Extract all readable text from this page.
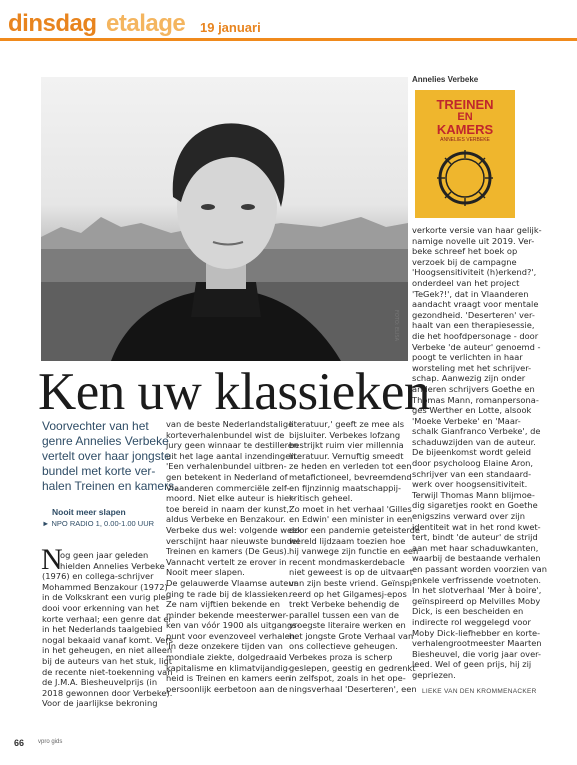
dinsdag etalage 19 januari
FOTO: ELISA
Annelies Verbeke
TREINEN
EN
KAMERS
ANNELIES VERBEKE

verkorte versie van haar gelijk-

namige novelle uit 2019. Ver-

beke schreef het boek op

verzoek bij de campagne

'Hoogsensitiviteit (h)erkend?',

onderdeel van het project

'TeGek?!', dat in Vlaanderen

aandacht vraagt voor mentale

gezondheid. 'Deserteren' ver-

haalt van een therapiesessie,

die het hoofdpersonage - door

Verbeke 'de auteur' genoemd -

poogt te verlichten in haar

worsteling met het schrijver-

schap. Aanwezig zijn onder

anderen schrijvers Goethe en

Thomas Mann, romanpersona-

ges Werther en Lotte, alsook

'Moeke Verbeke' en 'Maar-

schalk Gianfranco Verbeke', de

schaduwzijden van de auteur.

De bijeenkomst wordt geleid

door psycholoog Elaine Aron,

schrijver van een standaard-

werk over hoogsensitiviteit.

Terwijl Thomas Mann blijmoe-

dig sigaretjes rookt en Goethe

enigszins verward over zijn

identiteit wat in het rond kwet-

tert, bindt 'de auteur' de strijd

aan met haar schaduwkanten,

waarbij de bestaande verhalen

en passant worden voorzien van

enkele verfrissende voetnoten.

In het slotverhaal 'Mer à boire',

geïnspireerd op Melvilles Moby

Dick, is een bescheiden en

indirecte rol weggelegd voor

Moby Dick-liefhebber en korte-

verhalengrootmeester Maarten

Biesheuvel, die vorig jaar over-

leed. Wel of geen prijs, hij zij

gepriezen.

LIEKE VAN DEN KROMMENACKER
Ken uw klassieken

Voorvechter van het

genre Annelies Verbeke

vertelt over haar jongste

bundel met korte ver-

halen Treinen en kamers.

Nooit meer slapen
► NPO RADIO 1, 0.00-1.00 UUR
N

og geen jaar geleden

hielden Annelies Verbeke

(1976) en collega-schrijver

Mohammed Benzakour (1972)

in de Volkskrant een vurig plei-

dooi voor erkenning van het

korte verhaal; een genre dat er

in het Nederlands taalgebied

nogal bekaaid vanaf komt. Vers

in het geheugen, en niet alleen

bij de auteurs van het stuk, ligt

de recente niet-toekenning van

de J.M.A. Biesheuvelprijs (in

2018 gewonnen door Verbeke).

Voor de jaarlijkse bekroning

van de beste Nederlandstalige

korteverhalenbundel wist de

jury geen winnaar te destilleren

uit het lage aantal inzendingen.

'Een verhalenbundel uitbren-

gen betekent in Nederland of

Vlaanderen commerciële zelf-

moord. Niet elke auteur is hier-

toe bereid in naam der kunst,'

aldus Verbeke en Benzakour.

Verbeke dus wel: volgende week

verschijnt haar nieuwste bundel

Treinen en kamers (De Geus).

Vannacht vertelt ze erover in

Nooit meer slapen.

De gelauwerde Vlaamse auteur

ging te rade bij de klassieken.

Ze nam vijftien bekende en

minder bekende meesterwer-

ken van vóór 1900 als uitgangs-

punt voor evenzoveel verhalen.

'In deze onzekere tijden van

mondiale ziekte, dolgedraaid

kapitalisme en klimatvijandig-

heid is Treinen en kamers een

persoonlijk eerbetoon aan de

literatuur,' geeft ze mee als

bijsluiter. Verbekes lofzang

bestrijkt ruim vier millennia

literatuur. Vernuftig smeedt

ze heden en verleden tot een

metafictioneel, bevreemdend

en fijnzinnig maatschappij-

kritisch geheel.

Zo moet in het verhaal 'Gilles

en Edwin' een minister in een

door een pandemie geteisterde

wereld lijdzaam toezien hoe

hij vanwege zijn functie en een

recent mondmaskerdebacle

niet geweest is op de uitvaart

van zijn beste vriend. Geïnspi-

reerd op het Gilgamesj-epos

trekt Verbeke behendig de

parallel tussen een van de

vroegste literaire werken en

het jongste Grote Verhaal van

ons collectieve geheugen.

Verbekes proza is scherp

geslepen, geestig en gedrenkt

in zelfspot, zoals in het ope-

ningsverhaal 'Deserteren', een

66 vpro gids
